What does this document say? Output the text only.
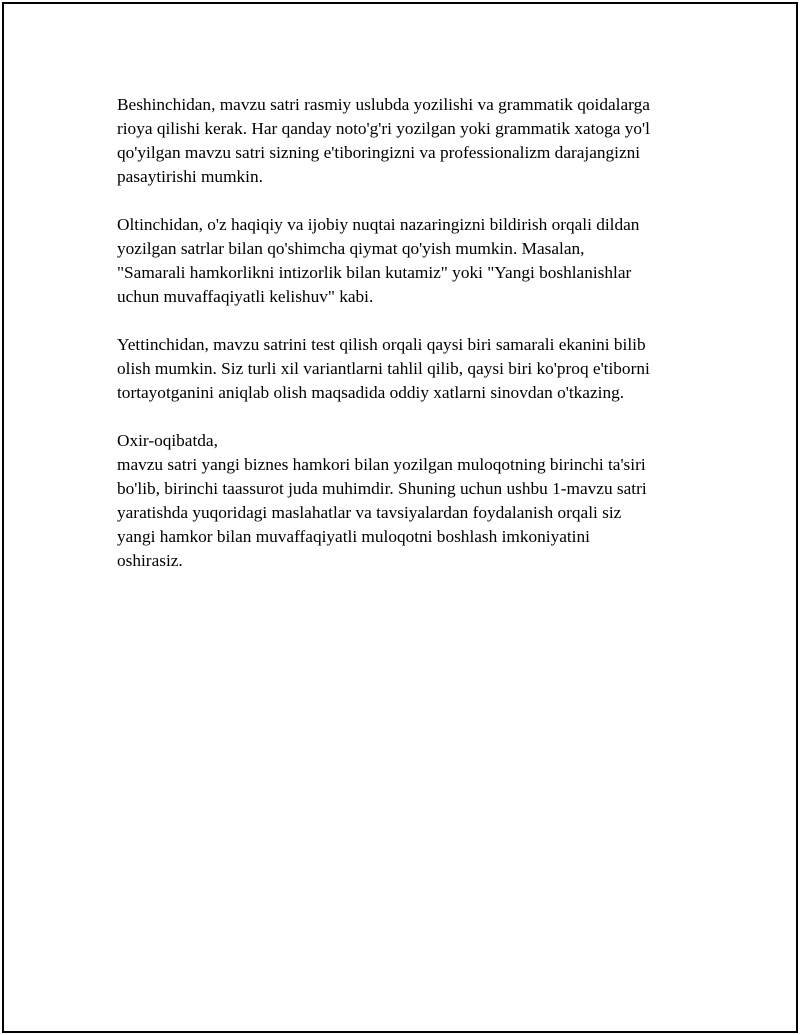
Beshinchidan, mavzu satri rasmiy uslubda yozilishi va grammatik qoidalarga
rioya qilishi kerak. Har qanday noto'g'ri yozilgan yoki grammatik xatoga yo'l
qo'yilgan mavzu satri sizning e'tiboringizni va professionalizm darajangizni
pasaytirishi mumkin.

Oltinchidan, o'z haqiqiy va ijobiy nuqtai nazaringizni bildirish orqali dildan
yozilgan satrlar bilan qo'shimcha qiymat qo'yish mumkin. Masalan,
"Samarali hamkorlikni intizorlik bilan kutamiz" yoki "Yangi boshlanishlar
uchun muvaffaqiyatli kelishuv" kabi.

Yettinchidan, mavzu satrini test qilish orqali qaysi biri samarali ekanini bilib
olish mumkin. Siz turli xil variantlarni tahlil qilib, qaysi biri ko'proq e'tiborni
tortayotganini aniqlab olish maqsadida oddiy xatlarni sinovdan o'tkazing.

Oxir-oqibatda,
mavzu satri yangi biznes hamkori bilan yozilgan muloqotning birinchi ta'siri
bo'lib, birinchi taassurot juda muhimdir. Shuning uchun ushbu 1-mavzu satri
yaratishda yuqoridagi maslahatlar va tavsiyalardan foydalanish orqali siz
yangi hamkor bilan muvaffaqiyatli muloqotni boshlash imkoniyatini
oshirasiz.
